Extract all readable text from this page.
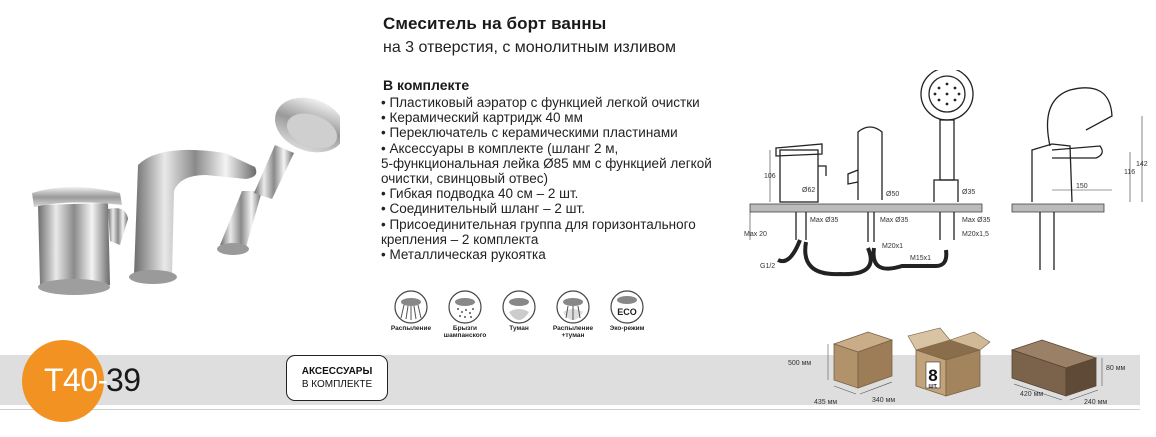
Смеситель на борт ванны
на 3 отверстия, с монолитным изливом
В комплекте
• Пластиковый аэратор с функцией легкой очистки
• Керамический картридж 40 мм
• Переключатель с керамическими пластинами
• Аксессуары в комплекте (шланг 2 м,
5-функциональная лейка Ø85 мм с функцией легкой
очистки, свинцовый отвес)
• Гибкая подводка 40 см – 2 шт.
• Соединительный шланг – 2 шт.
• Присоединительная группа для горизонтального
крепления – 2 комплекта
• Металлическая рукоятка
Распыление	Брызги
шампанского
Туман	Распыление
+туман
ECO
Эко-режим
Ø62
Ø50	Ø35
Max Ø35	Max Ø35	Max Ø35
M20x1
M20x1,5
M15x1
G1/2
106
Max 20
116
142
150
T40-
39	АКСЕССУАРЫ
В КОМПЛЕКТЕ	8
ШТ.
500 мм
435 мм	340 мм
80 мм
420 мм
240 мм
